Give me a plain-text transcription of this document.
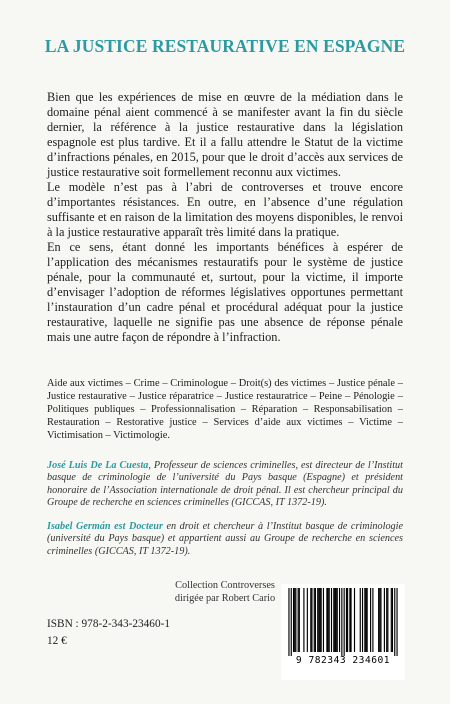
LA JUSTICE RESTAURATIVE EN ESPAGNE

Bien que les expériences de mise en œuvre de la médiation dans le domaine pénal aient commencé à se manifester avant la fin du siècle dernier, la référence à la justice restaurative dans la législation espagnole est plus tardive. Et il a fallu attendre le Statut de la victime d’infractions pénales, en 2015, pour que le droit d’accès aux services de justice restaurative soit formellement reconnu aux victimes.

Le modèle n’est pas à l’abri de controverses et trouve encore d’importantes résistances. En outre, en l’absence d’une régulation suffisante et en raison de la limitation des moyens disponibles, le renvoi à la justice restaurative apparaît très limité dans la pratique.

En ce sens, étant donné les importants bénéfices à espérer de l’application des mécanismes restauratifs pour le système de justice pénale, pour la communauté et, surtout, pour la victime, il importe d’envisager l’adoption de réformes législatives opportunes permettant l’instauration d’un cadre pénal et procédural adéquat pour la justice restaurative, laquelle ne signifie pas une absence de réponse pénale mais une autre façon de répondre à l’infraction.

Aide aux victimes – Crime – Criminologue – Droit(s) des victimes – Justice pénale – Justice restaurative – Justice réparatrice – Justice restauratrice – Peine – Pénologie – Politiques publiques – Professionnalisation – Réparation – Responsabilisation – Restauration – Restorative justice – Services d’aide aux victimes – Victime – Victimisation – Victimologie.
José Luis De La Cuesta, Professeur de sciences criminelles, est directeur de l’Institut basque de criminologie de l’université du Pays basque (Espagne) et président honoraire de l’Association internationale de droit pénal. Il est chercheur principal du Groupe de recherche en sciences criminelles (GICCAS, IT 1372-19).
Isabel Germán est Docteur en droit et chercheur à l’Institut basque de criminologie (université du Pays basque) et appartient aussi au Groupe de recherche en sciences criminelles (GICCAS, IT 1372-19).
Collection Controverses
dirigée par Robert Cario
ISBN : 978-2-343-23460-1
12 €
9 782343 234601
